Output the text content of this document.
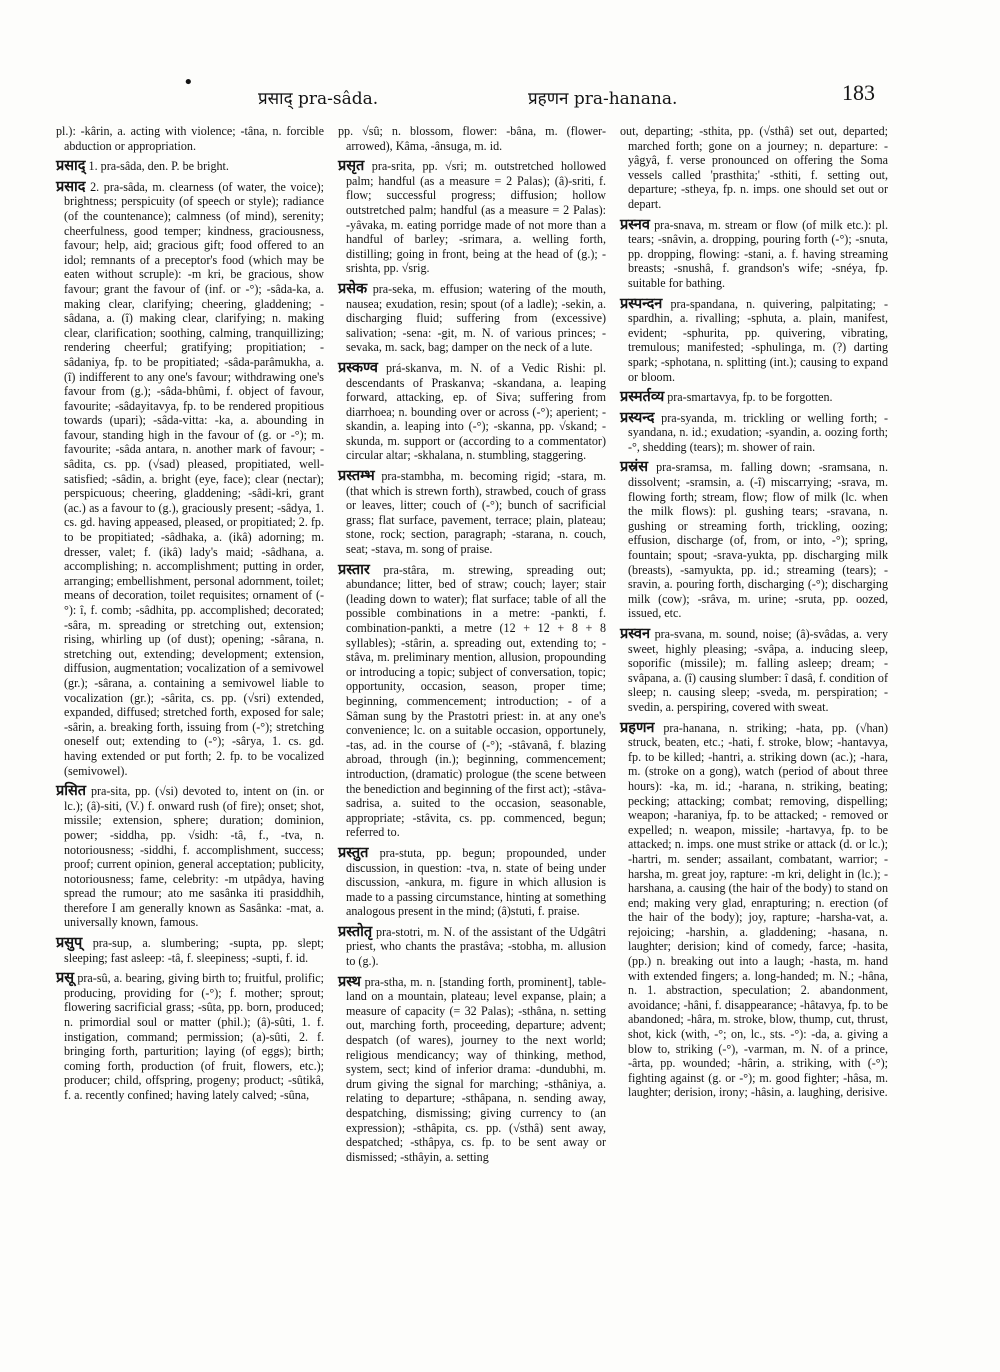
•
प्रसाद् pra-sâda.	प्रहणन pra-hanana.	183

pl.): -kârin, a. acting with violence; -tâna, n. forcible abduction or appropriation.

प्रसाद् 1. pra-sâda, den. P. be bright.

प्रसाद 2. pra-sâda, m. clearness (of water, the voice); brightness; perspicuity (of speech or style); radiance (of the countenance); calmness (of mind), serenity; cheerfulness, good temper; kindness, graciousness, favour; help, aid; gracious gift; food offered to an idol; remnants of a preceptor's food (which may be eaten without scruple): -m kri, be gracious, show favour; grant the favour of (inf. or -°); -sâda-ka, a. making clear, clarifying; cheering, gladdening; -sâdana, a. (î) making clear, clarifying; n. making clear, clarification; soothing, calming, tranquillizing; rendering cheerful; gratifying; propitiation; -sâdaniya, fp. to be propitiated; -sâda-parâmukha, a. (î) indifferent to any one's favour; withdrawing one's favour from (g.); -sâda-bhûmi, f. object of favour, favourite; -sâdayitavya, fp. to be rendered propitious towards (upari); -sâda-vitta: -ka, a. abounding in favour, standing high in the favour of (g. or -°); m. favourite; -sâda antara, n. another mark of favour; -sâdita, cs. pp. (√sad) pleased, propitiated, well-satisfied; -sâdin, a. bright (eye, face); clear (nectar); perspicuous; cheering, gladdening; -sâdi-kri, grant (ac.) as a favour to (g.), graciously present; -sâdya, 1. cs. gd. having appeased, pleased, or propitiated; 2. fp. to be propitiated; -sâdhaka, a. (ikâ) adorning; m. dresser, valet; f. (ikâ) lady's maid; -sâdhana, a. accomplishing; n. accomplishment; putting in order, arranging; embellishment, personal adornment, toilet; means of decoration, toilet requisites; ornament of (-°): î, f. comb; -sâdhita, pp. accomplished; decorated; -sâra, m. spreading or stretching out, extension; rising, whirling up (of dust); opening; -sârana, n. stretching out, extending; development; extension, diffusion, augmentation; vocalization of a semivowel (gr.); -sârana, a. containing a semivowel liable to vocalization (gr.); -sârita, cs. pp. (√sri) extended, expanded, diffused; stretched forth, exposed for sale; -sârin, a. breaking forth, issuing from (-°); stretching oneself out; extending to (-°); -sârya, 1. cs. gd. having extended or put forth; 2. fp. to be vocalized (semivowel).

प्रसित pra-sita, pp. (√si) devoted to, intent on (in. or lc.); (â)-siti, (V.) f. onward rush (of fire); onset; shot, missile; extension, sphere; duration; dominion, power; -siddha, pp. √sidh: -tâ, f., -tva, n. notoriousness; -siddhi, f. accomplishment, success; proof; current opinion, general acceptation; publicity, notoriousness; fame, celebrity: -m utpâdya, having spread the rumour; ato me sasânka iti prasiddhih, therefore I am generally known as Sasânka: -mat, a. universally known, famous.

प्रसुप् pra-sup, a. slumbering; -supta, pp. slept; sleeping; fast asleep: -tâ, f. sleepiness; -supti, f. id.

प्रसू pra-sû, a. bearing, giving birth to; fruitful, prolific; producing, providing for (-°); f. mother; sprout; flowering sacrificial grass; -sûta, pp. born, produced; n. primordial soul or matter (phil.); (â)-sûti, 1. f. instigation, command; permission; (a)-sûti, 2. f. bringing forth, parturition; laying (of eggs); birth; coming forth, production (of fruit, flowers, etc.); producer; child, offspring, progeny; product; -sûtikâ, f. a. recently confined; having lately calved; -sûna,

pp. √sû; n. blossom, flower: -bâna, m. (flower-arrowed), Kâma, -ânsuga, m. id.

प्रसृत pra-srita, pp. √sri; m. outstretched hollowed palm; handful (as a measure = 2 Palas); (â)-sriti, f. flow; successful progress; diffusion; hollow outstretched palm; handful (as a measure = 2 Palas): -yâvaka, m. eating porridge made of not more than a handful of barley; -srimara, a. welling forth, distilling; going in front, being at the head of (g.); -srishta, pp. √srig.

प्रसेक pra-seka, m. effusion; watering of the mouth, nausea; exudation, resin; spout (of a ladle); -sekin, a. discharging fluid; suffering from (excessive) salivation; -sena: -git, m. N. of various princes; -sevaka, m. sack, bag; damper on the neck of a lute.

प्रस्कण्व prá-skanva, m. N. of a Vedic Rishi: pl. descendants of Praskanva; -skandana, a. leaping forward, attacking, ep. of Siva; suffering from diarrhoea; n. bounding over or across (-°); aperient; -skandin, a. leaping into (-°); -skanna, pp. √skand; -skunda, m. support or (according to a commentator) circular altar; -skhalana, n. stumbling, staggering.

प्रस्तम्भ pra-stambha, m. becoming rigid; -stara, m. (that which is strewn forth), strawbed, couch of grass or leaves, litter; couch of (-°); bunch of sacrificial grass; flat surface, pavement, terrace; plain, plateau; stone, rock; section, paragraph; -starana, n. couch, seat; -stava, m. song of praise.

प्रस्तार pra-stâra, m. strewing, spreading out; abundance; litter, bed of straw; couch; layer; stair (leading down to water); flat surface; table of all the possible combinations in a metre: -pankti, f. combination-pankti, a metre (12 + 12 + 8 + 8 syllables); -stârin, a. spreading out, extending to; -stâva, m. preliminary mention, allusion, propounding or introducing a topic; subject of conversation, topic; opportunity, occasion, season, proper time; beginning, commencement; introduction; - of a Sâman sung by the Prastotri priest: in. at any one's convenience; lc. on a suitable occasion, opportunely, -tas, ad. in the course of (-°); -stâvanâ, f. blazing abroad, through (in.); beginning, commencement; introduction, (dramatic) prologue (the scene between the benediction and beginning of the first act); -stâva-sadrisa, a. suited to the occasion, seasonable, appropriate; -stâvita, cs. pp. commenced, begun; referred to.

प्रस्तुत pra-stuta, pp. begun; propounded, under discussion, in question: -tva, n. state of being under discussion, -ankura, m. figure in which allusion is made to a passing circumstance, hinting at something analogous present in the mind; (â)stuti, f. praise.

प्रस्तोतृ pra-stotri, m. N. of the assistant of the Udgâtri priest, who chants the prastâva; -stobha, m. allusion to (g.).

प्रस्थ pra-stha, m. n. [standing forth, prominent], table-land on a mountain, plateau; level expanse, plain; a measure of capacity (= 32 Palas); -sthâna, n. setting out, marching forth, proceeding, departure; advent; despatch (of wares), journey to the next world; religious mendicancy; way of thinking, method, system, sect; kind of inferior drama: -dundubhi, m. drum giving the signal for marching; -sthâniya, a. relating to departure; -sthâpana, n. sending away, despatching, dismissing; giving currency to (an expression); -sthâpita, cs. pp. (√sthâ) sent away, despatched; -sthâpya, cs. fp. to be sent away or dismissed; -sthâyin, a. setting

out, departing; -sthita, pp. (√sthâ) set out, departed; marched forth; gone on a journey; n. departure: -yâgyâ, f. verse pronounced on offering the Soma vessels called 'prasthita;' -sthiti, f. setting out, departure; -stheya, fp. n. imps. one should set out or depart.

प्रस्नव pra-snava, m. stream or flow (of milk etc.): pl. tears; -snâvin, a. dropping, pouring forth (-°); -snuta, pp. dropping, flowing: -stani, a. f. having streaming breasts; -snushâ, f. grandson's wife; -snéya, fp. suitable for bathing.

प्रस्पन्दन pra-spandana, n. quivering, palpitating; -spardhin, a. rivalling; -sphuta, a. plain, manifest, evident; -sphurita, pp. quivering, vibrating, tremulous; manifested; -sphulinga, m. (?) darting spark; -sphotana, n. splitting (int.); causing to expand or bloom.

प्रस्मर्तव्य pra-smartavya, fp. to be forgotten.

प्रस्यन्द pra-syanda, m. trickling or welling forth; -syandana, n. id.; exudation; -syandin, a. oozing forth; -°, shedding (tears); m. shower of rain.

प्रस्रंस pra-sramsa, m. falling down; -sramsana, n. dissolvent; -sramsin, a. (-î) miscarrying; -srava, m. flowing forth; stream, flow; flow of milk (lc. when the milk flows): pl. gushing tears; -sravana, n. gushing or streaming forth, trickling, oozing; effusion, discharge (of, from, or into, -°); spring, fountain; spout; -srava-yukta, pp. discharging milk (breasts), -samyukta, pp. id.; streaming (tears); -sravin, a. pouring forth, discharging (-°); discharging milk (cow); -srâva, m. urine; -sruta, pp. oozed, issued, etc.

प्रस्वन pra-svana, m. sound, noise; (â)-svâdas, a. very sweet, highly pleasing; -svâpa, a. inducing sleep, soporific (missile); m. falling asleep; dream; -svâpana, a. (î) causing slumber: î dasâ, f. condition of sleep; n. causing sleep; -sveda, m. perspiration; -svedin, a. perspiring, covered with sweat.

प्रहणन pra-hanana, n. striking; -hata, pp. (√han) struck, beaten, etc.; -hati, f. stroke, blow; -hantavya, fp. to be killed; -hantri, a. striking down (ac.); -hara, m. (stroke on a gong), watch (period of about three hours): -ka, m. id.; -harana, n. striking, beating; pecking; attacking; combat; removing, dispelling; weapon; -haraniya, fp. to be attacked; - removed or expelled; n. weapon, missile; -hartavya, fp. to be attacked; n. imps. one must strike or attack (d. or lc.); -hartri, m. sender; assailant, combatant, warrior; -harsha, m. great joy, rapture: -m kri, delight in (lc.); -harshana, a. causing (the hair of the body) to stand on end; making very glad, enrapturing; n. erection (of the hair of the body); joy, rapture; -harsha-vat, a. rejoicing; -harshin, a. gladdening; -hasana, n. laughter; derision; kind of comedy, farce; -hasita, (pp.) n. breaking out into a laugh; -hasta, m. hand with extended fingers; a. long-handed; m. N.; -hâna, n. 1. abstraction, speculation; 2. abandonment, avoidance; -hâni, f. disappearance; -hâtavya, fp. to be abandoned; -hâra, m. stroke, blow, thump, cut, thrust, shot, kick (with, -°; on, lc., sts. -°): -da, a. giving a blow to, striking (-°), -varman, m. N. of a prince, -ârta, pp. wounded; -hârin, a. striking, with (-°); fighting against (g. or -°); m. good fighter; -hâsa, m. laughter; derision, irony; -hâsin, a. laughing, derisive.
